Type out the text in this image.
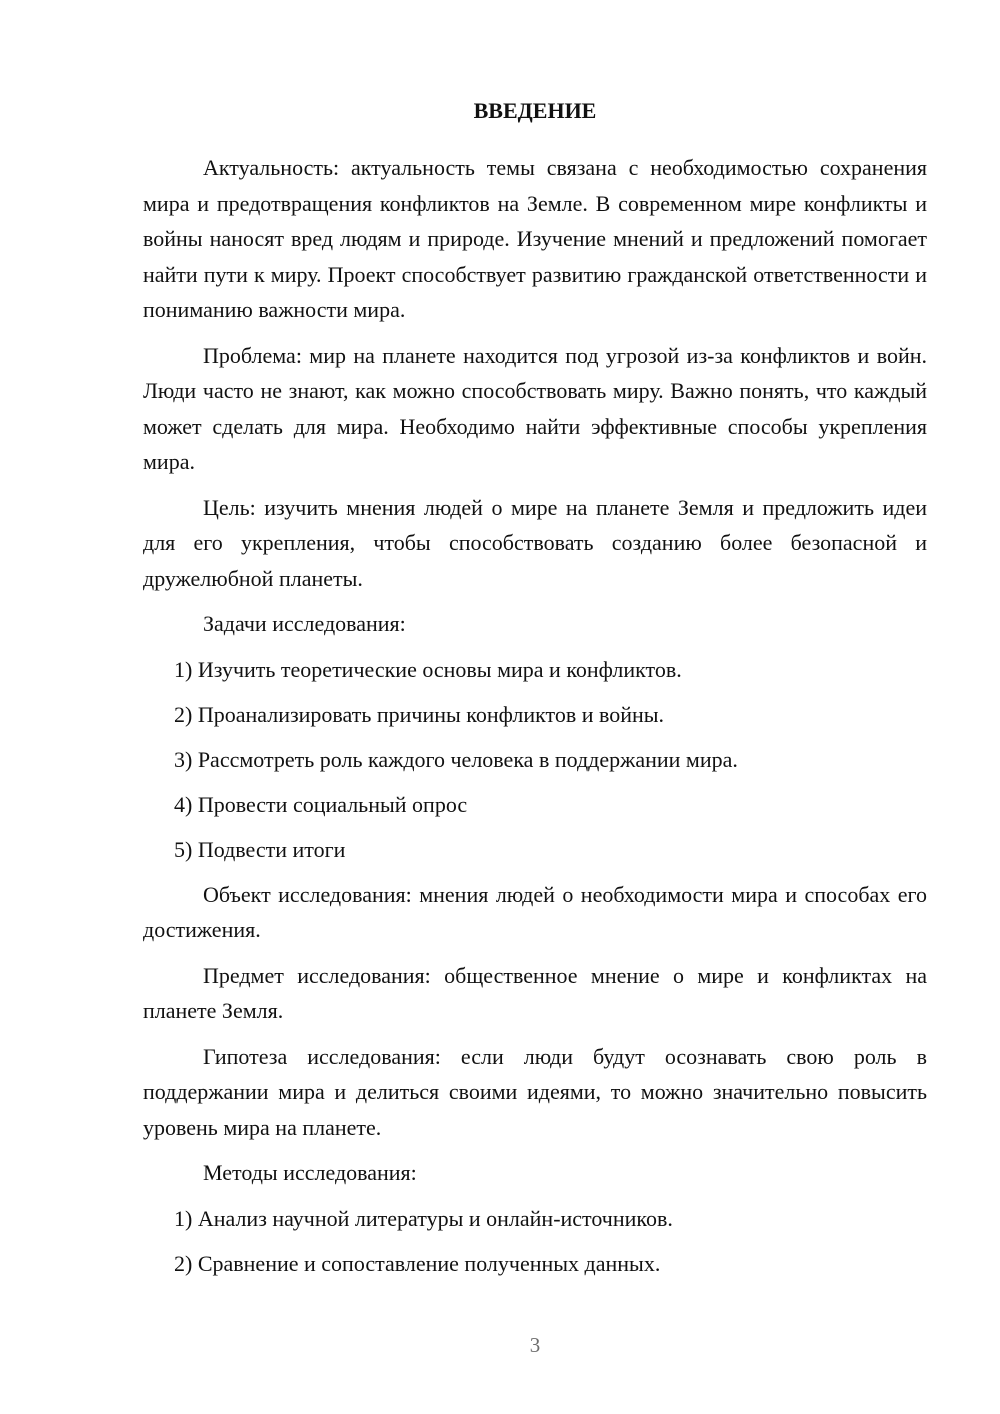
ВВЕДЕНИЕ

Актуальность: актуальность темы связана с необходимостью сохранения мира и предотвращения конфликтов на Земле. В современном мире конфликты и войны наносят вред людям и природе. Изучение мнений и предложений помогает найти пути к миру. Проект способствует развитию гражданской ответственности и пониманию важности мира.

Проблема: мир на планете находится под угрозой из-за конфликтов и войн. Люди часто не знают, как можно способствовать миру. Важно понять, что каждый может сделать для мира. Необходимо найти эффективные способы укрепления мира.

Цель: изучить мнения людей о мире на планете Земля и предложить идеи для его укрепления, чтобы способствовать созданию более безопасной и дружелюбной планеты.

Задачи исследования:
1) Изучить теоретические основы мира и конфликтов.
2) Проанализировать причины конфликтов и войны.
3) Рассмотреть роль каждого человека в поддержании мира.
4) Провести социальный опрос
5) Подвести итоги

Объект исследования: мнения людей о необходимости мира и способах его достижения.

Предмет исследования: общественное мнение о мире и конфликтах на планете Земля.

Гипотеза исследования: если люди будут осознавать свою роль в поддержании мира и делиться своими идеями, то можно значительно повысить уровень мира на планете.

Методы исследования:
1) Анализ научной литературы и онлайн-источников.
2) Сравнение и сопоставление полученных данных.
3
